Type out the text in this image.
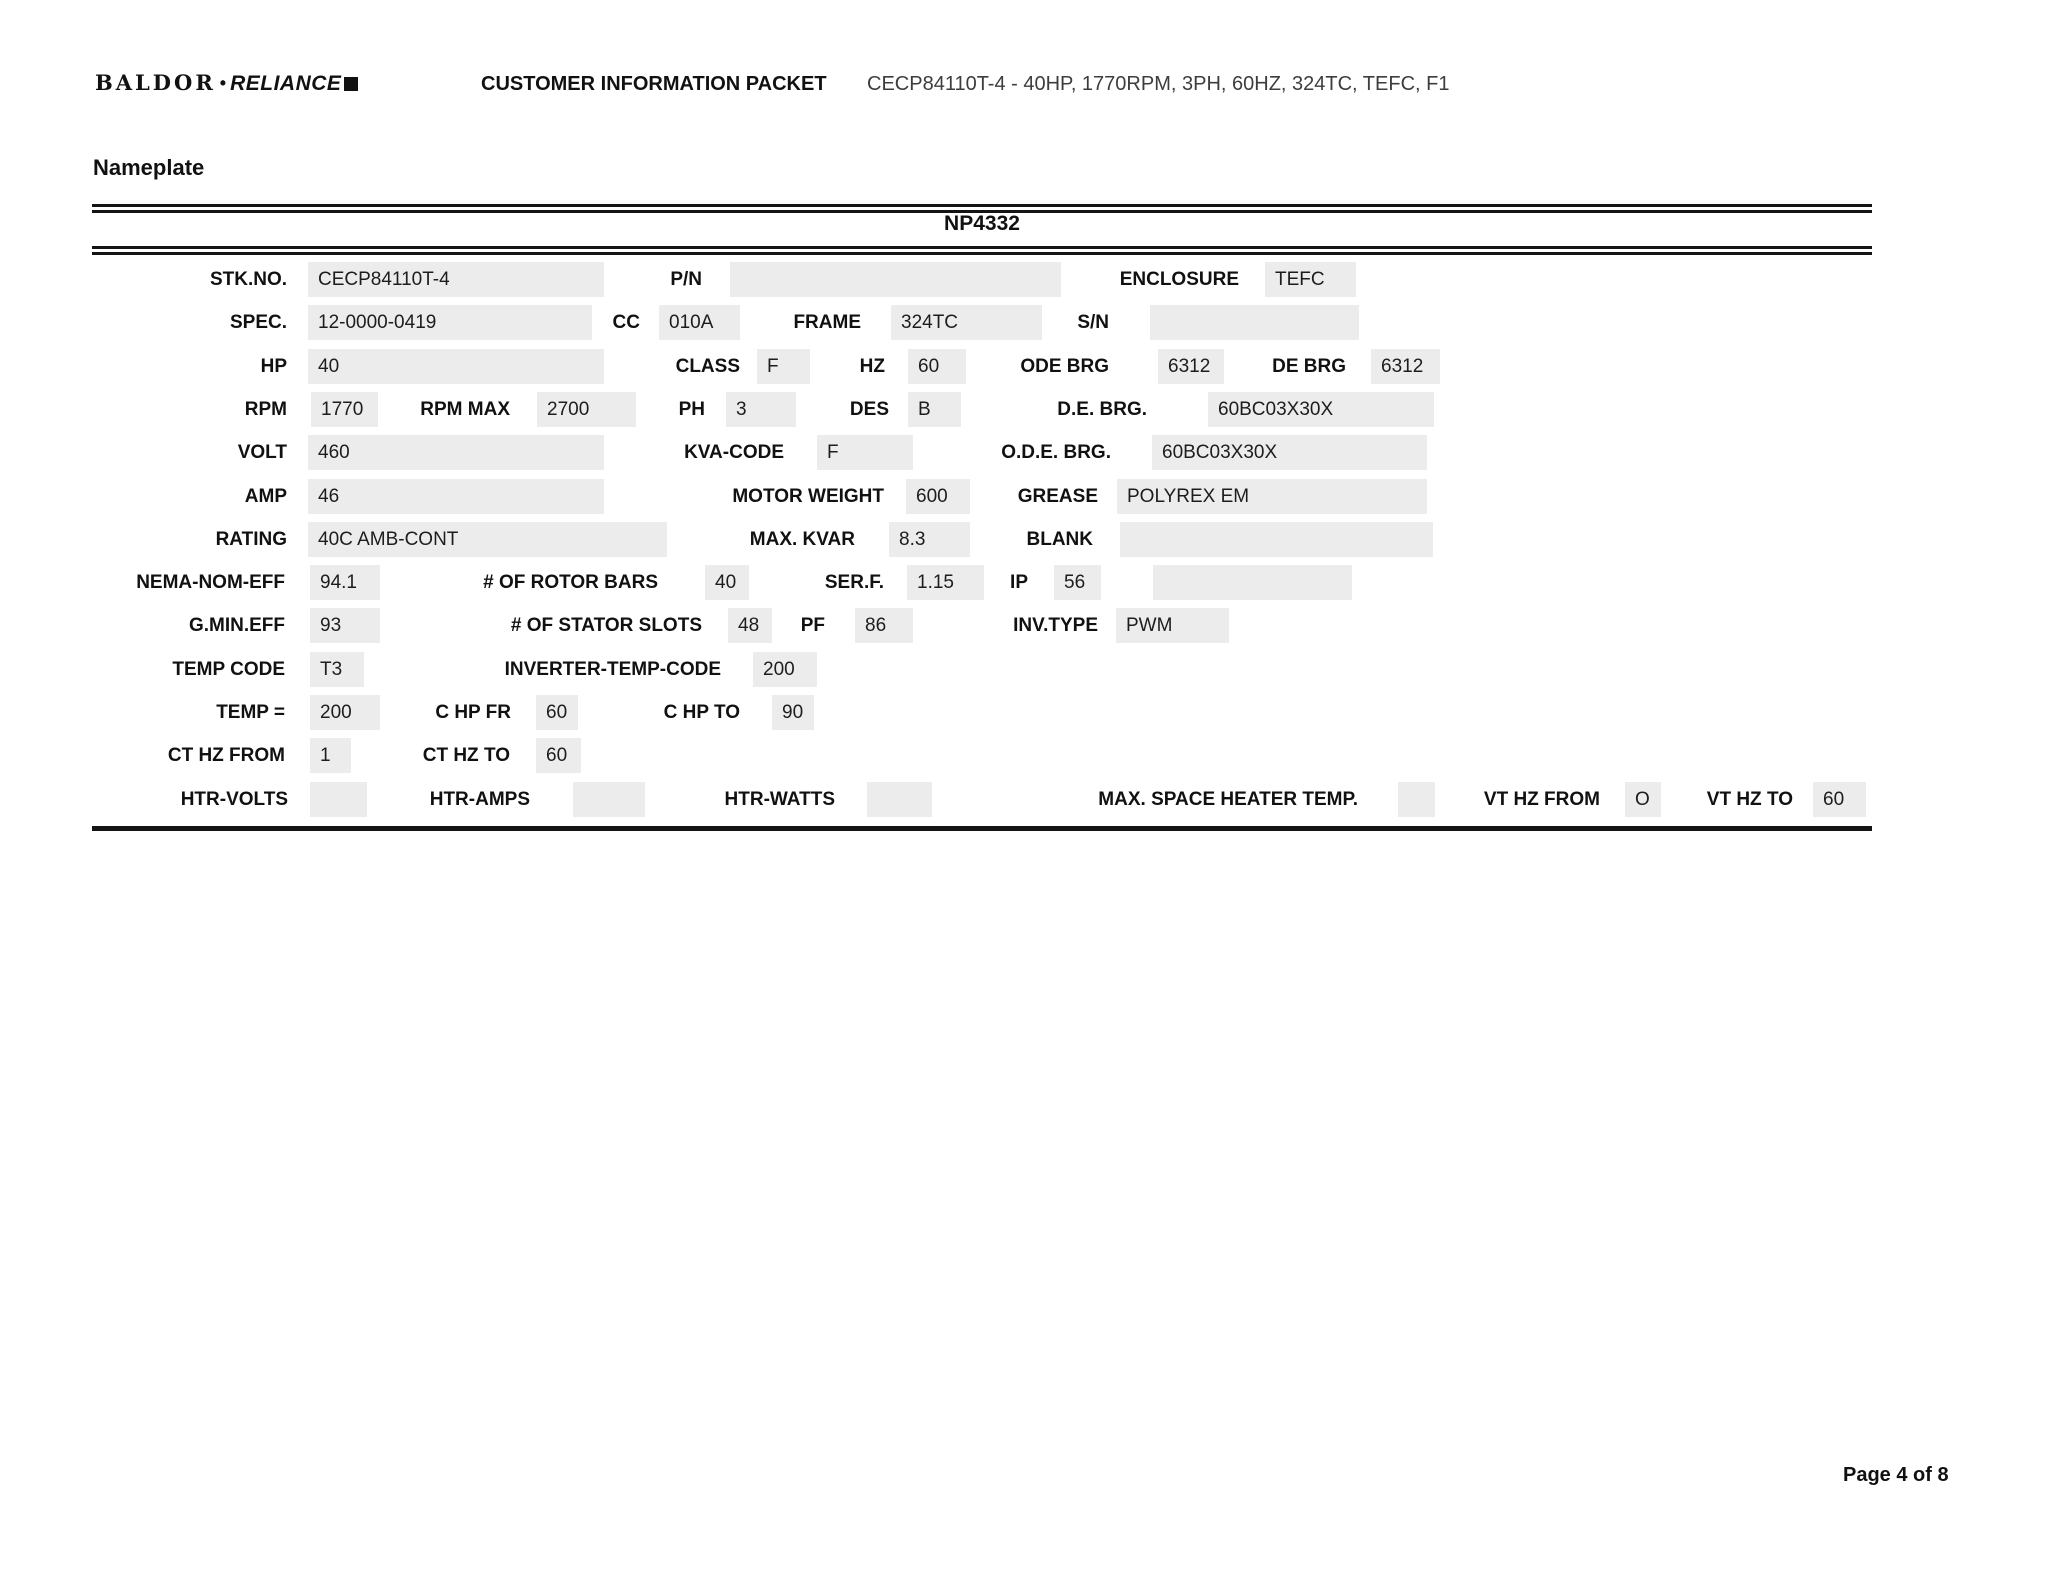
BALDOR • RELIANCE	CUSTOMER INFORMATION PACKET CECP84110T-4 - 40HP, 1770RPM, 3PH, 60HZ, 324TC, TEFC, F1
Nameplate
NP4332
STK.NO.	CECP84110T-4	P/N	ENCLOSURE	TEFC
SPEC.	12-0000-0419	CC	010A	FRAME	324TC	S/N
HP	40	CLASS	F	HZ	60	ODE BRG	6312	DE BRG	6312
RPM	1770	RPM MAX	2700	PH	3	DES	B	D.E. BRG.	60BC03X30X
VOLT	460	KVA-CODE	F	O.D.E. BRG.	60BC03X30X
AMP	46	MOTOR WEIGHT	600	GREASE	POLYREX EM
RATING	40C AMB-CONT	MAX. KVAR	8.3	BLANK
NEMA-NOM-EFF	94.1	# OF ROTOR BARS	40	SER.F.	1.15	IP	56
G.MIN.EFF	93	# OF STATOR SLOTS	48	PF	86	INV.TYPE	PWM
TEMP CODE	T3	INVERTER-TEMP-CODE	200
TEMP =	200	C HP FR	60	C HP TO	90
CT HZ FROM	1	CT HZ TO	60
HTR-VOLTS	HTR-AMPS	HTR-WATTS	MAX. SPACE HEATER TEMP.	VT HZ FROM	O	VT HZ TO	60
Page 4 of 8
